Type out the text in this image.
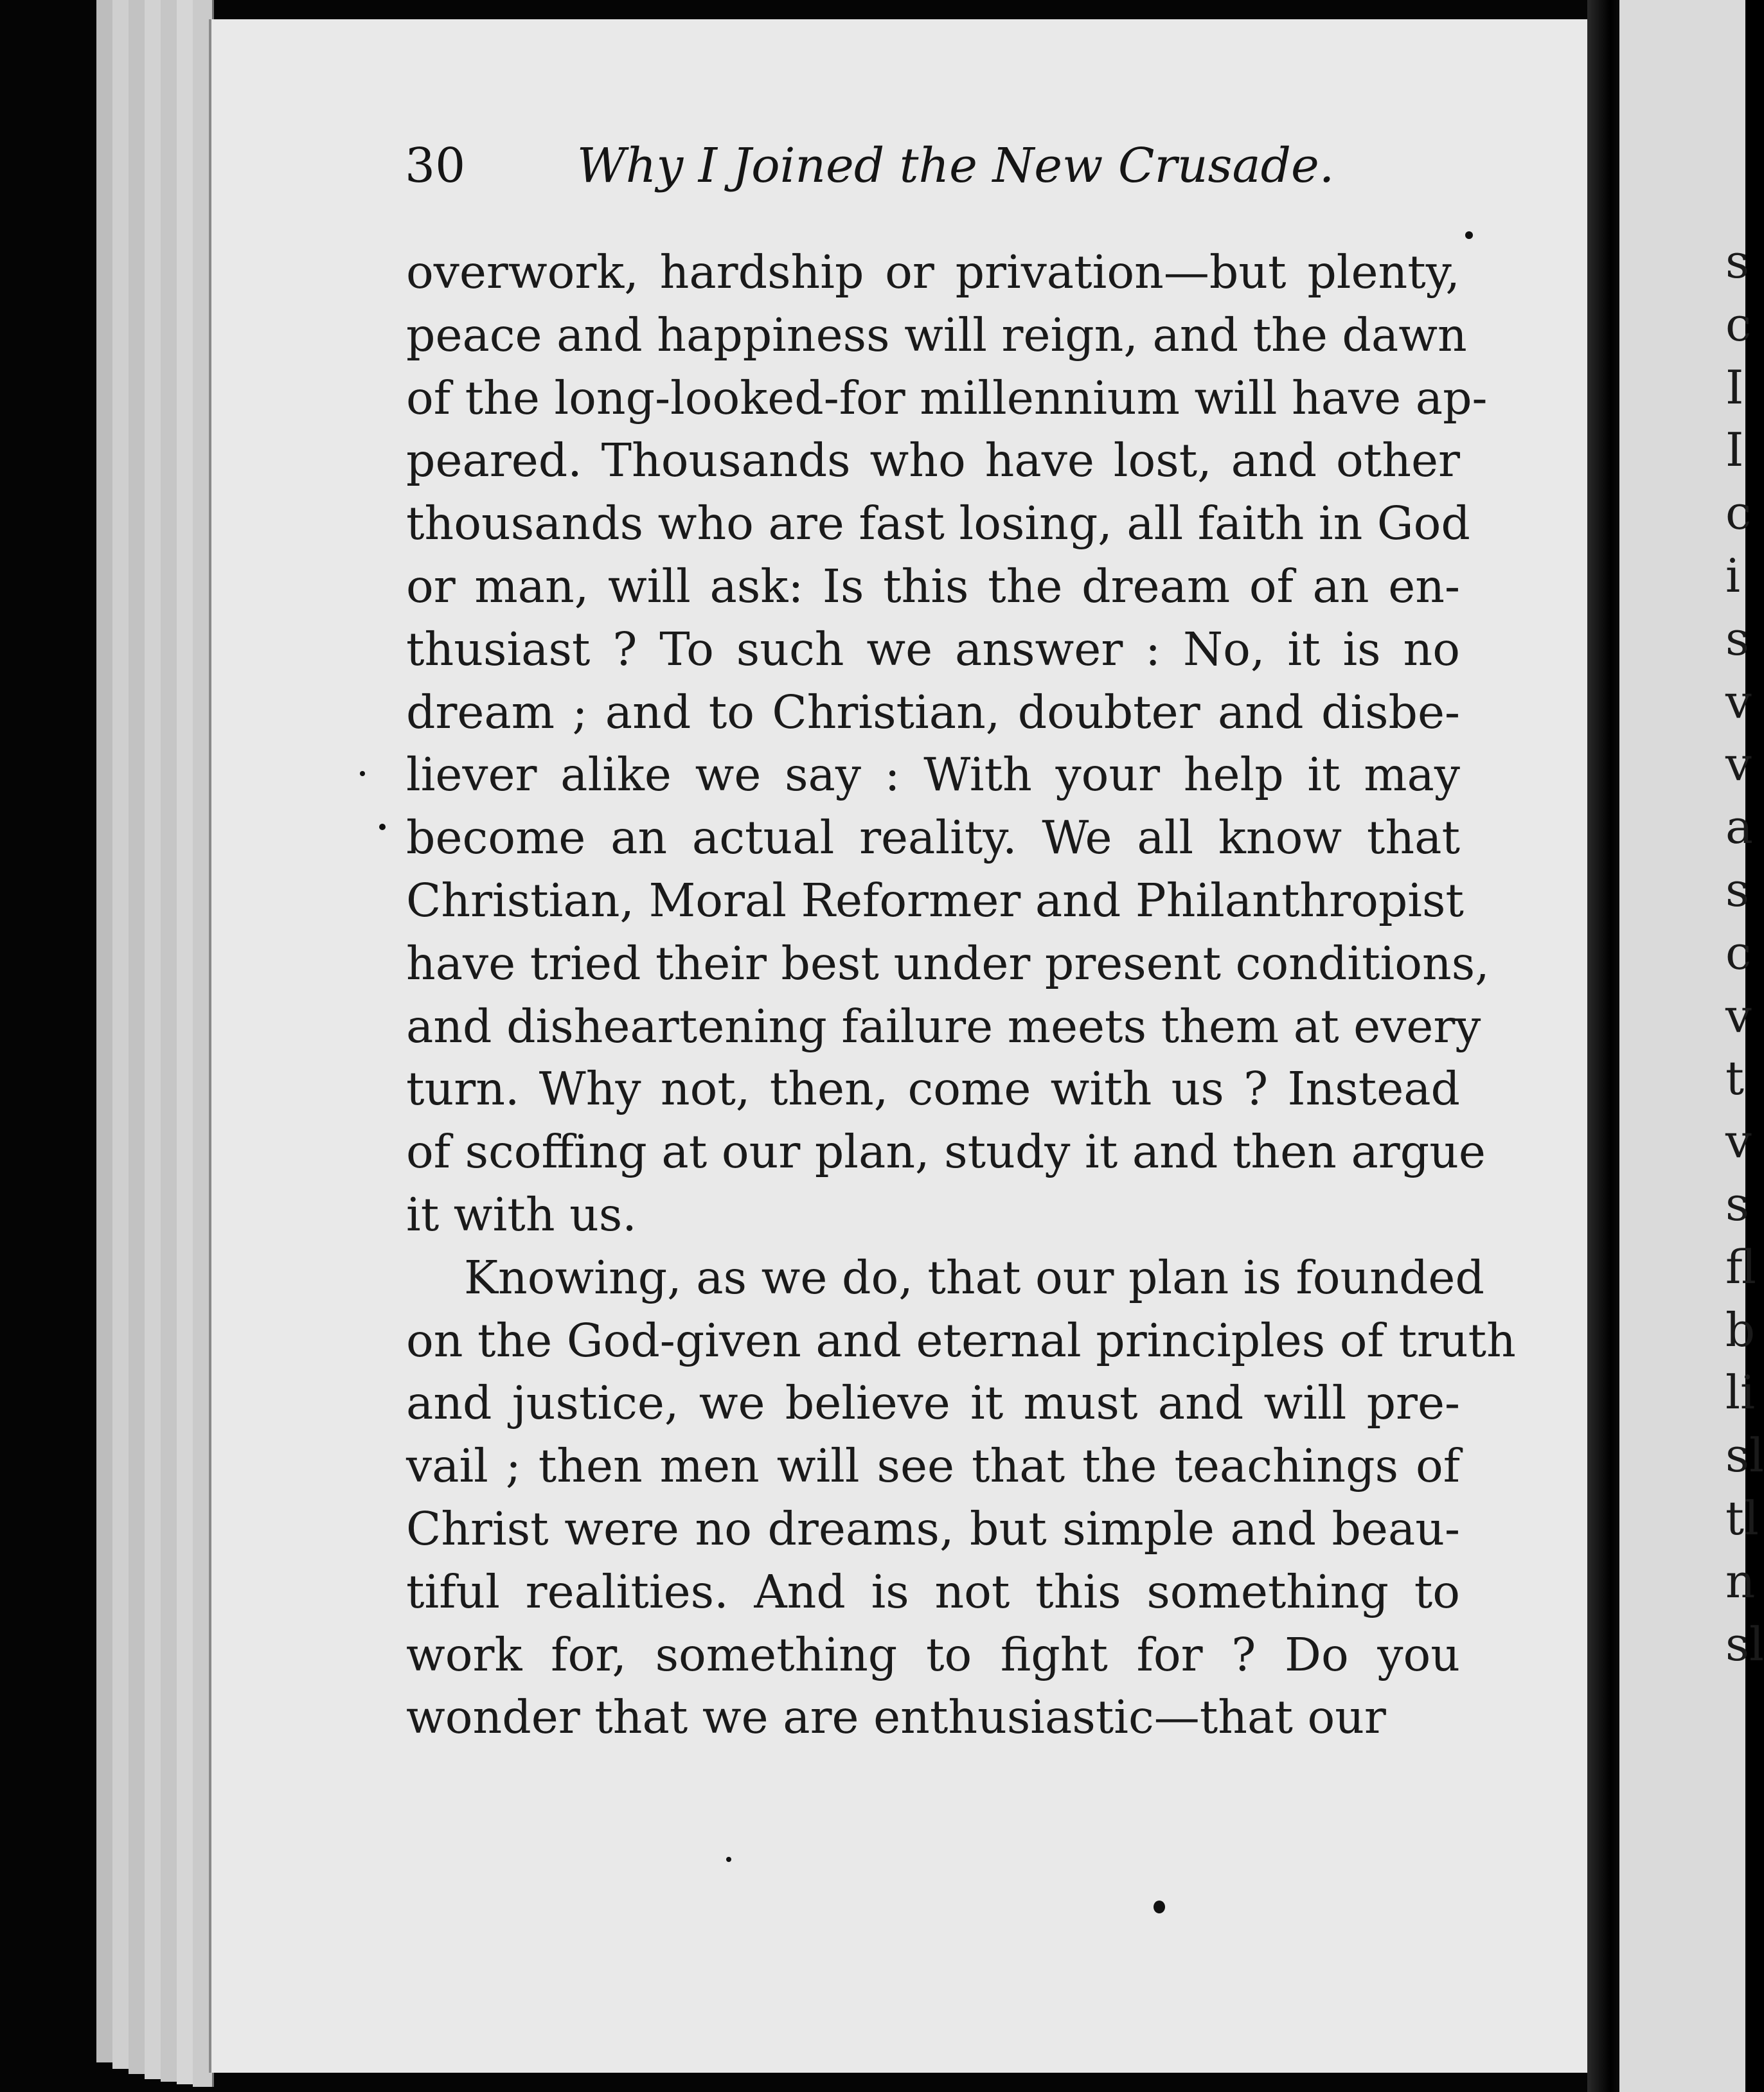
30 Why I Joined the New Crusade.
overwork, hardship or privation—but plenty,
peace and happiness will reign, and the dawn
of the long-looked-for millennium will have ap-
peared. Thousands who have lost, and other
thousands who are fast losing, all faith in God
or man, will ask: Is this the dream of an en-
thusiast ? To such we answer : No, it is no
dream ; and to Christian, doubter and disbe-
liever alike we say : With your help it may
become an actual reality. We all know that
Christian, Moral Reformer and Philanthropist
have tried their best under present conditions,
and disheartening failure meets them at every
turn. Why not, then, come with us ? Instead
of scoffing at our plan, study it and then argue
it with us.
Knowing, as we do, that our plan is founded
on the God-given and eternal principles of truth
and justice, we believe it must and will pre-
vail ; then men will see that the teachings of
Christ were no dreams, but simple and beau-
tiful realities. And is not this something to
work for, something to fight for ? Do you
wonder that we are enthusiastic—that our
s
c
I
I
c
i
s
v
v
a
s
c
v
t
v
s
fl
b
li
sl
tl
n
sl
